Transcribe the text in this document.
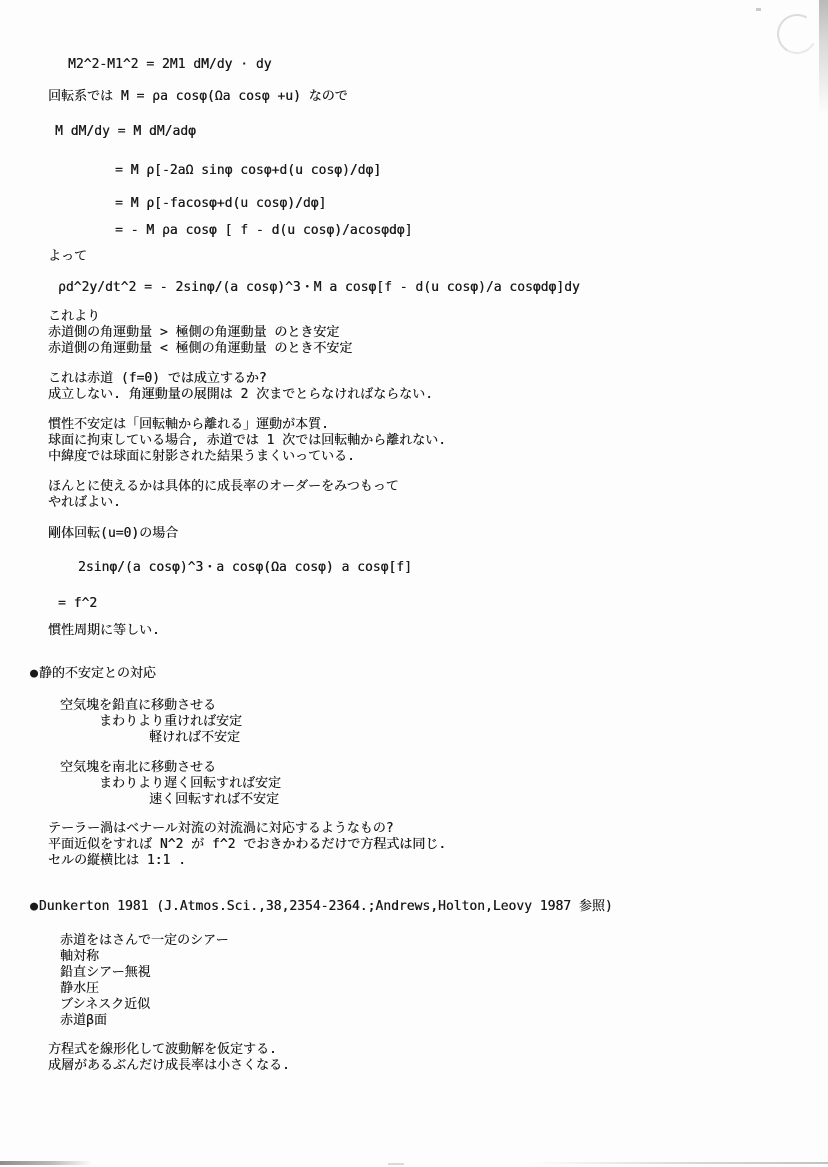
M2^2-M1^2 = 2M1 dM/dy · dy
回転系では M = ρa cosφ(Ωa cosφ +u) なので
M dM/dy = M dM/adφ
= M ρ[-2aΩ sinφ cosφ+d(u cosφ)/dφ]
= M ρ[-facosφ+d(u cosφ)/dφ]
= - M ρa cosφ [ f - d(u cosφ)/acosφdφ]
よって
ρd^2y/dt^2 = - 2sinφ/(a cosφ)^3・M a cosφ[f - d(u cosφ)/a cosφdφ]dy
これより
赤道側の角運動量 > 極側の角運動量 のとき安定
赤道側の角運動量 < 極側の角運動量 のとき不安定
これは赤道 (f=0) では成立するか?
成立しない. 角運動量の展開は 2 次までとらなければならない.
慣性不安定は「回転軸から離れる」運動が本質.
球面に拘束している場合, 赤道では 1 次では回転軸から離れない.
中緯度では球面に射影された結果うまくいっている.
ほんとに使えるかは具体的に成長率のオーダーをみつもって
やればよい.
剛体回転(u=0)の場合
2sinφ/(a cosφ)^3・a cosφ(Ωa cosφ) a cosφ[f]
= f^2
慣性周期に等しい.
●静的不安定との対応
空気塊を鉛直に移動させる
まわりより重ければ安定
軽ければ不安定
空気塊を南北に移動させる
まわりより遅く回転すれば安定
速く回転すれば不安定
テーラー渦はベナール対流の対流渦に対応するようなもの?
平面近似をすれば N^2 が f^2 でおきかわるだけで方程式は同じ.
セルの縦横比は 1:1 .
●Dunkerton 1981 (J.Atmos.Sci.,38,2354-2364.;Andrews,Holton,Leovy 1987 参照)
赤道をはさんで一定のシアー
軸対称
鉛直シアー無視
静水圧
ブシネスク近似
赤道β面
方程式を線形化して波動解を仮定する.
成層があるぶんだけ成長率は小さくなる.
